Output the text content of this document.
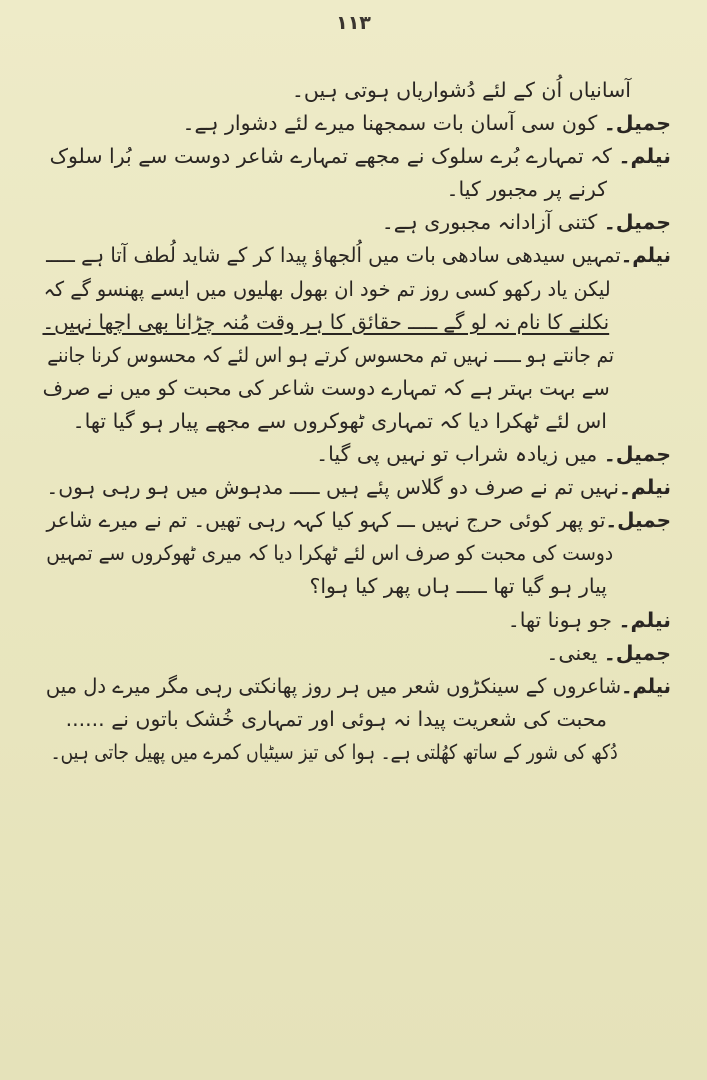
۱۱۳
آسانیاں اُن کے لئے دُشواریاں ہوتی ہیں۔
جمیل۔ کون سی آسان بات سمجھنا میرے لئے دشوار ہے۔
نیلم۔ کہ تمہارے بُرے سلوک نے مجھے تمہارے شاعر دوست سے بُرا سلوک
کرنے پر مجبور کیا۔
جمیل۔ کتنی آزادانہ مجبوری ہے۔
نیلم۔تمہیں سیدھی سادھی بات میں اُلجھاؤ پیدا کر کے شاید لُطف آتا ہے ـــــ
لیکن یاد رکھو کسی روز تم خود ان بھول بھلیوں میں ایسے پھنسو گے کہ
نکلنے کا نام نہ لو گے ـــــ حقائق کا ہر وقت مُنہ چڑانا بھی اچھا نہیں۔
تم جانتے ہو ـــــ نہیں تم محسوس کرتے ہو اس لئے کہ محسوس کرنا جاننے
سے بہت بہتر ہے کہ تمہارے دوست شاعر کی محبت کو میں نے صرف
اس لئے ٹھکرا دیا کہ تمہاری ٹھوکروں سے مجھے پیار ہو گیا تھا۔
جمیل۔ میں زیادہ شراب تو نہیں پی گیا۔
نیلم۔نہیں تم نے صرف دو گلاس پئے ہیں ـــــ مدہوش میں ہو رہی ہوں۔
جمیل۔تو پھر کوئی حرج نہیں ـــ کہو کیا کہہ رہی تھیں۔ تم نے میرے شاعر
دوست کی محبت کو صرف اس لئے ٹھکرا دیا کہ میری ٹھوکروں سے تمہیں
پیار ہو گیا تھا ـــــ ہاں پھر کیا ہوا؟
نیلم۔ جو ہونا تھا۔
جمیل۔ یعنی۔
نیلم۔شاعروں کے سینکڑوں شعر میں ہر روز پھانکتی رہی مگر میرے دل میں
محبت کی شعریت پیدا نہ ہوئی اور تمہاری خُشک باتوں نے ......
دُکھ کی شور کے ساتھ کھُلتی ہے۔ ہوا کی تیز سیٹیاں کمرے میں پھیل جاتی ہیں۔
